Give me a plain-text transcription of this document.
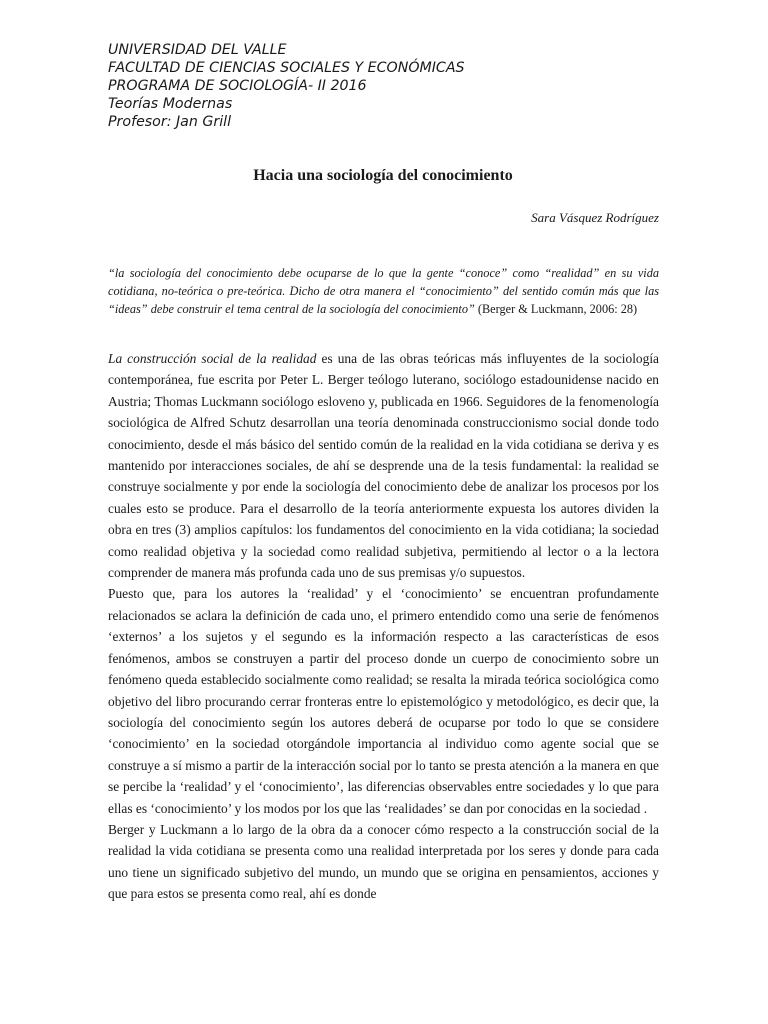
UNIVERSIDAD DEL VALLE
FACULTAD DE CIENCIAS SOCIALES Y ECONÓMICAS
PROGRAMA DE SOCIOLOGÍA- II 2016
Teorías Modernas
Profesor: Jan Grill
Hacia una sociología del conocimiento
Sara Vásquez Rodríguez
“la sociología del conocimiento debe ocuparse de lo que la gente “conoce” como “realidad” en su vida cotidiana, no-teórica o pre-teórica. Dicho de otra manera el “conocimiento” del sentido común más que las “ideas” debe construir el tema central de la sociología del conocimiento” (Berger & Luckmann, 2006: 28)

La construcción social de la realidad es una de las obras teóricas más influyentes de la sociología contemporánea, fue escrita por Peter L. Berger teólogo luterano, sociólogo estadounidense nacido en Austria; Thomas Luckmann sociólogo esloveno y, publicada en 1966. Seguidores de la fenomenología sociológica de Alfred Schutz desarrollan una teoría denominada construccionismo social donde todo conocimiento, desde el más básico del sentido común de la realidad en la vida cotidiana se deriva y es mantenido por interacciones sociales, de ahí se desprende una de la tesis fundamental: la realidad se construye socialmente y por ende la sociología del conocimiento debe de analizar los procesos por los cuales esto se produce. Para el desarrollo de la teoría anteriormente expuesta los autores dividen la obra en tres (3) amplios capítulos: los fundamentos del conocimiento en la vida cotidiana; la sociedad como realidad objetiva y la sociedad como realidad subjetiva, permitiendo al lector o a la lectora comprender de manera más profunda cada uno de sus premisas y/o supuestos.

Puesto que, para los autores la ‘realidad’ y el ‘conocimiento’ se encuentran profundamente relacionados se aclara la definición de cada uno, el primero entendido como una serie de fenómenos ‘externos’ a los sujetos y el segundo es la información respecto a las características de esos fenómenos, ambos se construyen a partir del proceso donde un cuerpo de conocimiento sobre un fenómeno queda establecido socialmente como realidad; se resalta la mirada teórica sociológica como objetivo del libro procurando cerrar fronteras entre lo epistemológico y metodológico, es decir que, la sociología del conocimiento según los autores deberá de ocuparse por todo lo que se considere ‘conocimiento’ en la sociedad otorgándole importancia al individuo como agente social que se construye a sí mismo a partir de la interacción social por lo tanto se presta atención a la manera en que se percibe la ‘realidad’ y el ‘conocimiento’, las diferencias observables entre sociedades y lo que para ellas es ‘conocimiento’ y los modos por los que las ‘realidades’ se dan por conocidas en la sociedad .

Berger y Luckmann a lo largo de la obra da a conocer cómo respecto a la construcción social de la realidad la vida cotidiana se presenta como una realidad interpretada por los seres y donde para cada uno tiene un significado subjetivo del mundo, un mundo que se origina en pensamientos, acciones y que para estos se presenta como real, ahí es donde
